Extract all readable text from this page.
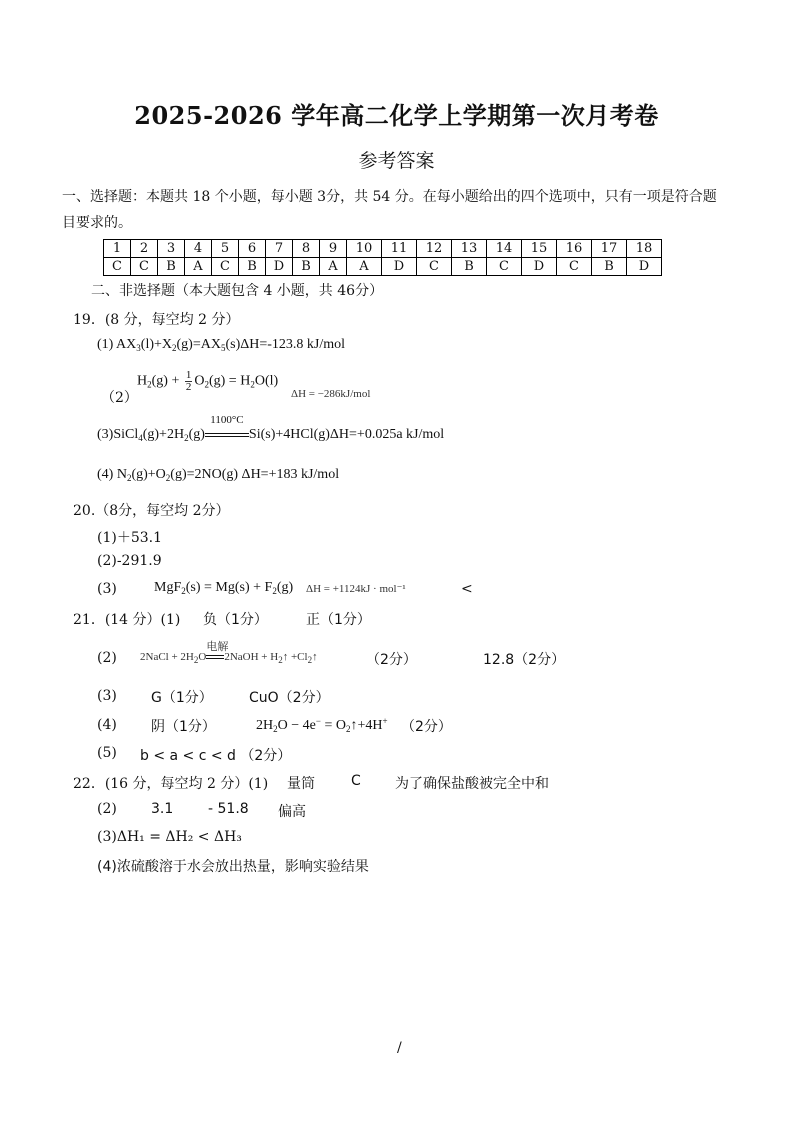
2025-2026 学年高二化学上学期第一次月考卷
参考答案
一、选择题：本题共 18 个小题，每小题 3分，共 54 分。在每小题给出的四个选项中，只有一项是符合题
目要求的。
1	2	3	4	5	6	7	8	9	10	11	12	13	14	15	16	17	18
C	C	B	A	C	B	D	B	A	A	D	C	B	C	D	C	B	D
二、非选择题（本大题包含 4 小题，共 46分）
19．(8 分，每空均 2 分）
(1) $AX_3(l)+X_2(g)=AX_5(s)\Delta H=-123.8$ kJ/mol
（2）
$H_2(g) + \frac{1}{2} O_2(g) = H_2O(l)$
ΔH = −286kJ/mol
$(3)SiCl_4(g)+2H_2(g)$
1100°C
Si(s)+4HCl(g)ΔH=+0.025a kJ/mol
(4) $N_2(g)+O_2(g)=2NO(g)$ ΔH=+183 kJ/mol
20.（8分，每空均 2分）
(1)＋53.1
(2)-291.9
(3)	$MgF_2(s) = Mg(s) + F_2(g) \Delta H = +1124kJ \cdot mol^{-1}$	<
21．(14 分）(1) 负（1分）	正（1分）
(2) 2NaCl + $2H_2O$
电解
2NaOH + $H_2↑$ $+Cl_2↑$	（2分）	12.8（2分）
(3) G（1分）	CuO（2分）
(4) 阴（1分）	$2H_2O - 4e^-$ = $O_2↑+4H^+$ （2分）
(5) b < a < c < d （2分）
22．(16 分，每空均 2 分）(1) 量筒	C 为了确保盐酸被完全中和
(2) 3.1 - 51.8 偏高
(3)ΔH₁ = ΔH₂ < ΔH₃
(4)浓硫酸溶于水会放出热量，影响实验结果
/
